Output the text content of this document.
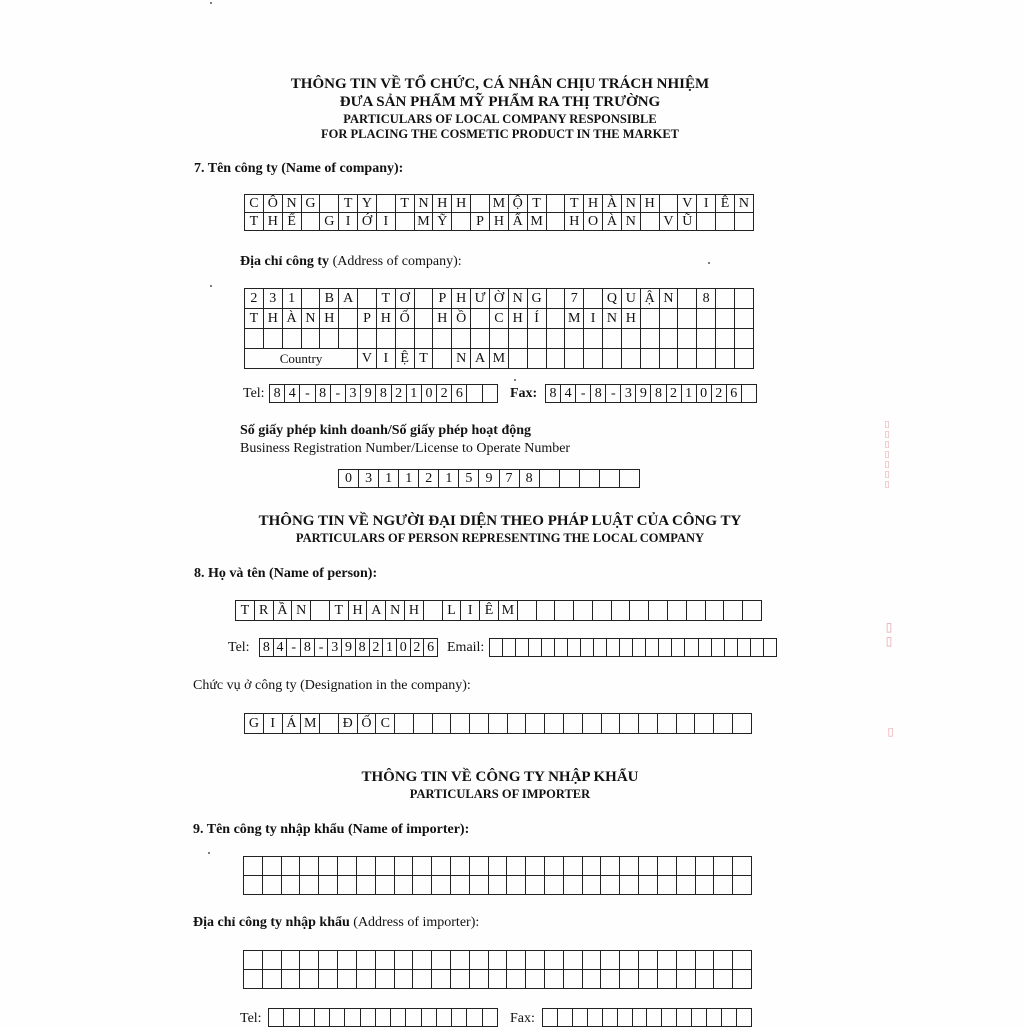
THÔNG TIN VỀ TỔ CHỨC, CÁ NHÂN CHỊU TRÁCH NHIỆM
ĐƯA SẢN PHẨM MỸ PHẨM RA THỊ TRƯỜNG
PARTICULARS OF LOCAL COMPANY RESPONSIBLE
FOR PLACING THE COSMETIC PRODUCT IN THE MARKET
7. Tên công ty (Name of company):
C	Ô	N	G		T	Y		T	N	H	H		M	Ộ	T		T	H	À	N	H		V	I	Ê	N
T	H	Ế		G	I	Ớ	I		M	Ỹ		P	H	Ẩ	M		H	O	À	N		V	Ũ			
Địa chỉ công ty (Address of company):
2	3	1		B	A		T	Ơ		P	H	Ư	Ờ	N	G		7		Q	U	Ậ	N		8		
T	H	À	N	H		P	H	Ố		H	Ồ		C	H	Í		M	I	N	H						

Country						V	I	Ệ	T		N	A	M													
Tel: 8	4	-	8	-	3	9	8	2	1	0	2	6			Fax: 8	4	-	8	-	3	9	8	2	1	0	2	6	
Số giấy phép kinh doanh/Số giấy phép hoạt động
Business Registration Number/License to Operate Number
0	3	1	1	2	1	5	9	7	8					
THÔNG TIN VỀ NGƯỜI ĐẠI DIỆN THEO PHÁP LUẬT CỦA CÔNG TY
PARTICULARS OF PERSON REPRESENTING THE LOCAL COMPANY
8. Họ và tên (Name of person):
T	R	Ầ	N		T	H	A	N	H		L	I	Ê	M													
Tel: 8	4	-	8	-	3	9	8	2	1	0	2	6 Email:

Chức vụ ở công ty (Designation in the company):
G	I	Á	M		Đ	Ố	C																			
THÔNG TIN VỀ CÔNG TY NHẬP KHẨU
PARTICULARS OF IMPORTER
9. Tên công ty nhập khẩu (Name of importer):

Địa chỉ công ty nhập khẩu (Address of importer):

Tel:
															Fax:

▯▯▯▯▯▯▯
▯▯
▯
